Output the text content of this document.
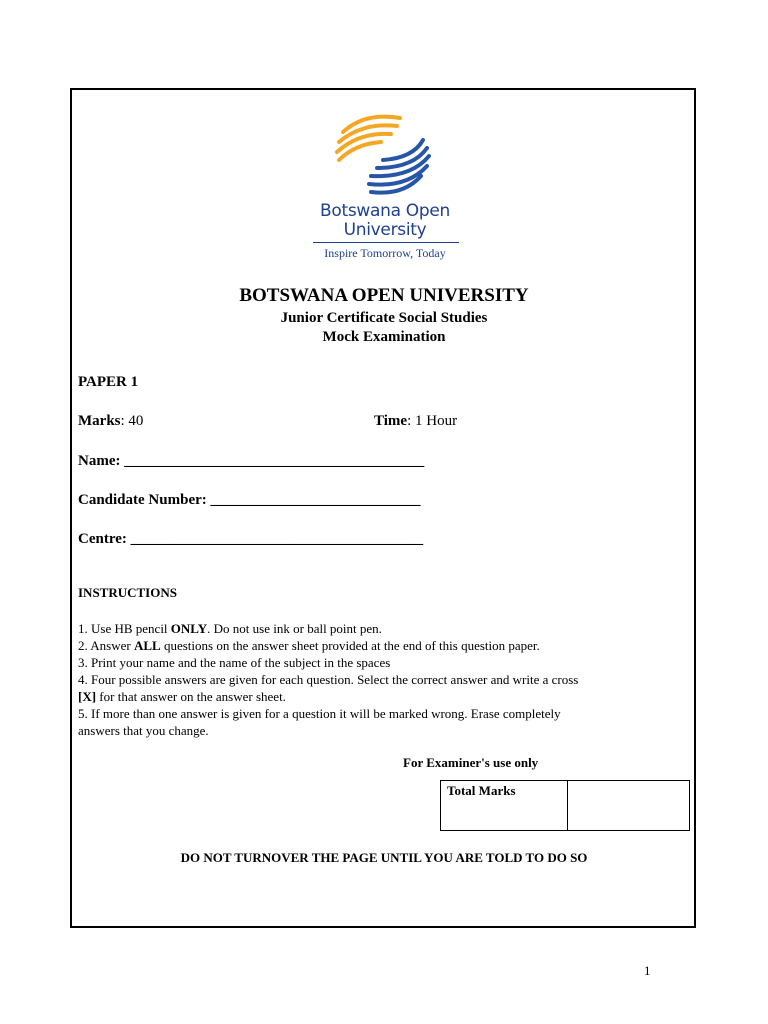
Botswana Open
University
Inspire Tomorrow, Today
BOTSWANA OPEN UNIVERSITY
Junior Certificate Social Studies
Mock Examination
PAPER 1
Marks: 40	Time: 1 Hour
Name: ________________________________________
Candidate Number: ____________________________
Centre: _______________________________________
INSTRUCTIONS

1. Use HB pencil ONLY. Do not use ink or ball point pen.

2. Answer ALL questions on the answer sheet provided at the end of this question paper.

3. Print your name and the name of the subject in the spaces

4. Four possible answers are given for each question. Select the correct answer and write a cross
[X] for that answer on the answer sheet.

5. If more than one answer is given for a question it will be marked wrong. Erase completely
answers that you change.

For Examiner's use only
Total Marks
DO NOT TURNOVER THE PAGE UNTIL YOU ARE TOLD TO DO SO
1
